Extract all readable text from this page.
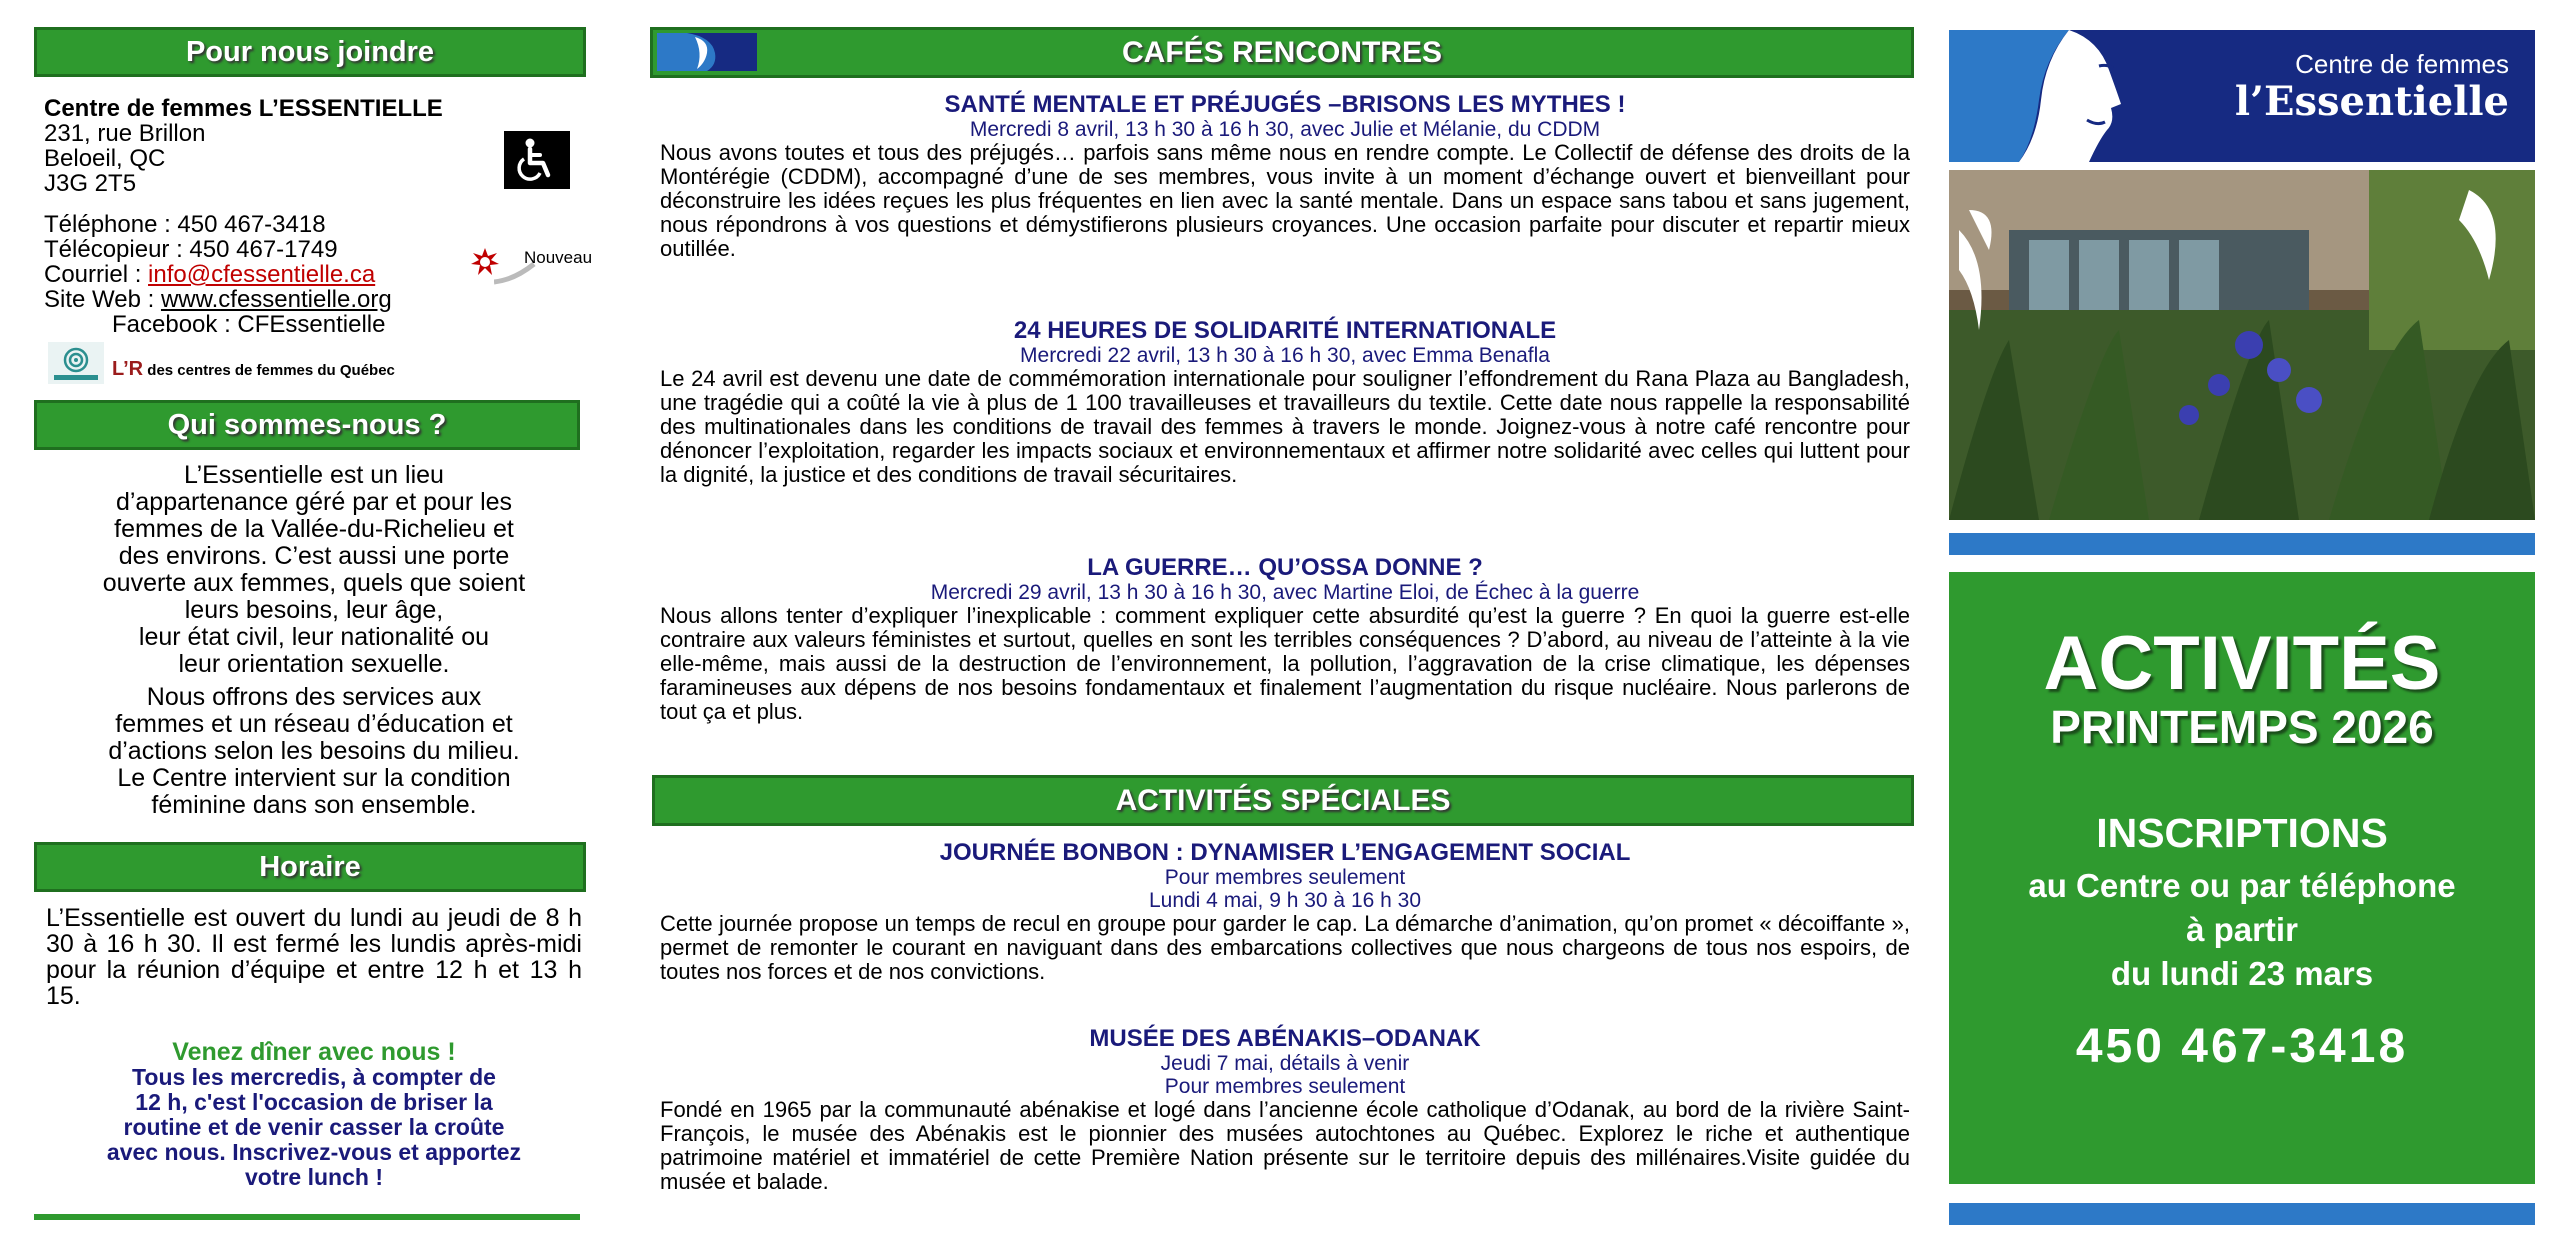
Pour nous joindre
Centre de femmes L’ESSENTIELLE
231, rue Brillon
Beloeil, QC
J3G 2T5
Téléphone : 450 467-3418
Télécopieur : 450 467-1749
Courriel : info@cfessentielle.ca
Site Web : www.cfessentielle.org
Facebook : CFEssentielle
Nouveau
L’R des centres de femmes du Québec
Qui sommes-nous ?

L’Essentielle est un lieu
d’appartenance géré par et pour les
femmes de la Vallée-du-Richelieu et
des environs. C’est aussi une porte
ouverte aux femmes, quels que soient
leurs besoins, leur âge,
leur état civil, leur nationalité ou
leur orientation sexuelle.

Nous offrons des services aux
femmes et un réseau d’éducation et
d’actions selon les besoins du milieu.
Le Centre intervient sur la condition
féminine dans son ensemble.

Horaire
L’Essentielle est ouvert du lundi au jeudi de 8 h 30 à 16 h 30. Il est fermé les lundis après-midi pour la réunion d’équipe et entre 12 h et 13 h 15.
Venez dîner avec nous !
Tous les mercredis, à compter de
12 h, c'est l'occasion de briser la
routine et de venir casser la croûte
avec nous. Inscrivez-vous et apportez
votre lunch !
CAFÉS RENCONTRES
SANTÉ MENTALE ET PRÉJUGÉS –BRISONS LES MYTHES !
Mercredi 8 avril, 13 h 30 à 16 h 30, avec Julie et Mélanie, du CDDM
Nous avons toutes et tous des préjugés… parfois sans même nous en rendre compte. Le Collectif de défense des droits de la Montérégie (CDDM), accompagné d’une de ses membres, vous invite à un moment d’échange ouvert et bienveillant pour déconstruire les idées reçues les plus fréquentes en lien avec la santé mentale. Dans un espace sans tabou et sans jugement, nous répondrons à vos questions et démystifierons plusieurs croyances. Une occasion parfaite pour discuter et repartir mieux outillée.
24 HEURES DE SOLIDARITÉ INTERNATIONALE
Mercredi 22 avril, 13 h 30 à 16 h 30, avec Emma Benafla
Le 24 avril est devenu une date de commémoration internationale pour souligner l’effondrement du Rana Plaza au Bangladesh, une tragédie qui a coûté la vie à plus de 1 100 travailleuses et travailleurs du textile. Cette date nous rappelle la responsabilité des multinationales dans les conditions de travail des femmes à travers le monde. Joignez-vous à notre café rencontre pour dénoncer l’exploitation, regarder les impacts sociaux et environnementaux et affirmer notre solidarité avec celles qui luttent pour la dignité, la justice et des conditions de travail sécuritaires.
LA GUERRE… QU’OSSA DONNE ?
Mercredi 29 avril, 13 h 30 à 16 h 30, avec Martine Eloi, de Échec à la guerre
Nous allons tenter d’expliquer l’inexplicable : comment expliquer cette absurdité qu’est la guerre ? En quoi la guerre est-elle contraire aux valeurs féministes et surtout, quelles en sont les terribles conséquences ? D’abord, au niveau de l’atteinte à la vie elle-même, mais aussi de la destruction de l’environnement, la pollution, l’aggravation de la crise climatique, les dépenses faramineuses aux dépens de nos besoins fondamentaux et finalement l’augmentation du risque nucléaire. Nous parlerons de tout ça et plus.
ACTIVITÉS SPÉCIALES
JOURNÉE BONBON : DYNAMISER L’ENGAGEMENT SOCIAL
Pour membres seulement
Lundi 4 mai, 9 h 30 à 16 h 30
Cette journée propose un temps de recul en groupe pour garder le cap. La démarche d’animation, qu’on promet « décoiffante », permet de remonter le courant en naviguant dans des embarcations collectives que nous chargeons de tous nos espoirs, de toutes nos forces et de nos convictions.
MUSÉE DES ABÉNAKIS–ODANAK
Jeudi 7 mai, détails à venir
Pour membres seulement
Fondé en 1965 par la communauté abénakise et logé dans l’ancienne école catholique d’Odanak, au bord de la rivière Saint-François, le musée des Abénakis est le pionnier des musées autochtones au Québec. Explorez le riche et authentique patrimoine matériel et immatériel de cette Première Nation présente sur le territoire depuis des millénaires.Visite guidée du musée et balade.
Centre de femmes
l’Essentielle
ACTIVITÉS
PRINTEMPS 2026
INSCRIPTIONS
au Centre ou par téléphone
à partir
du lundi 23 mars
450 467-3418
